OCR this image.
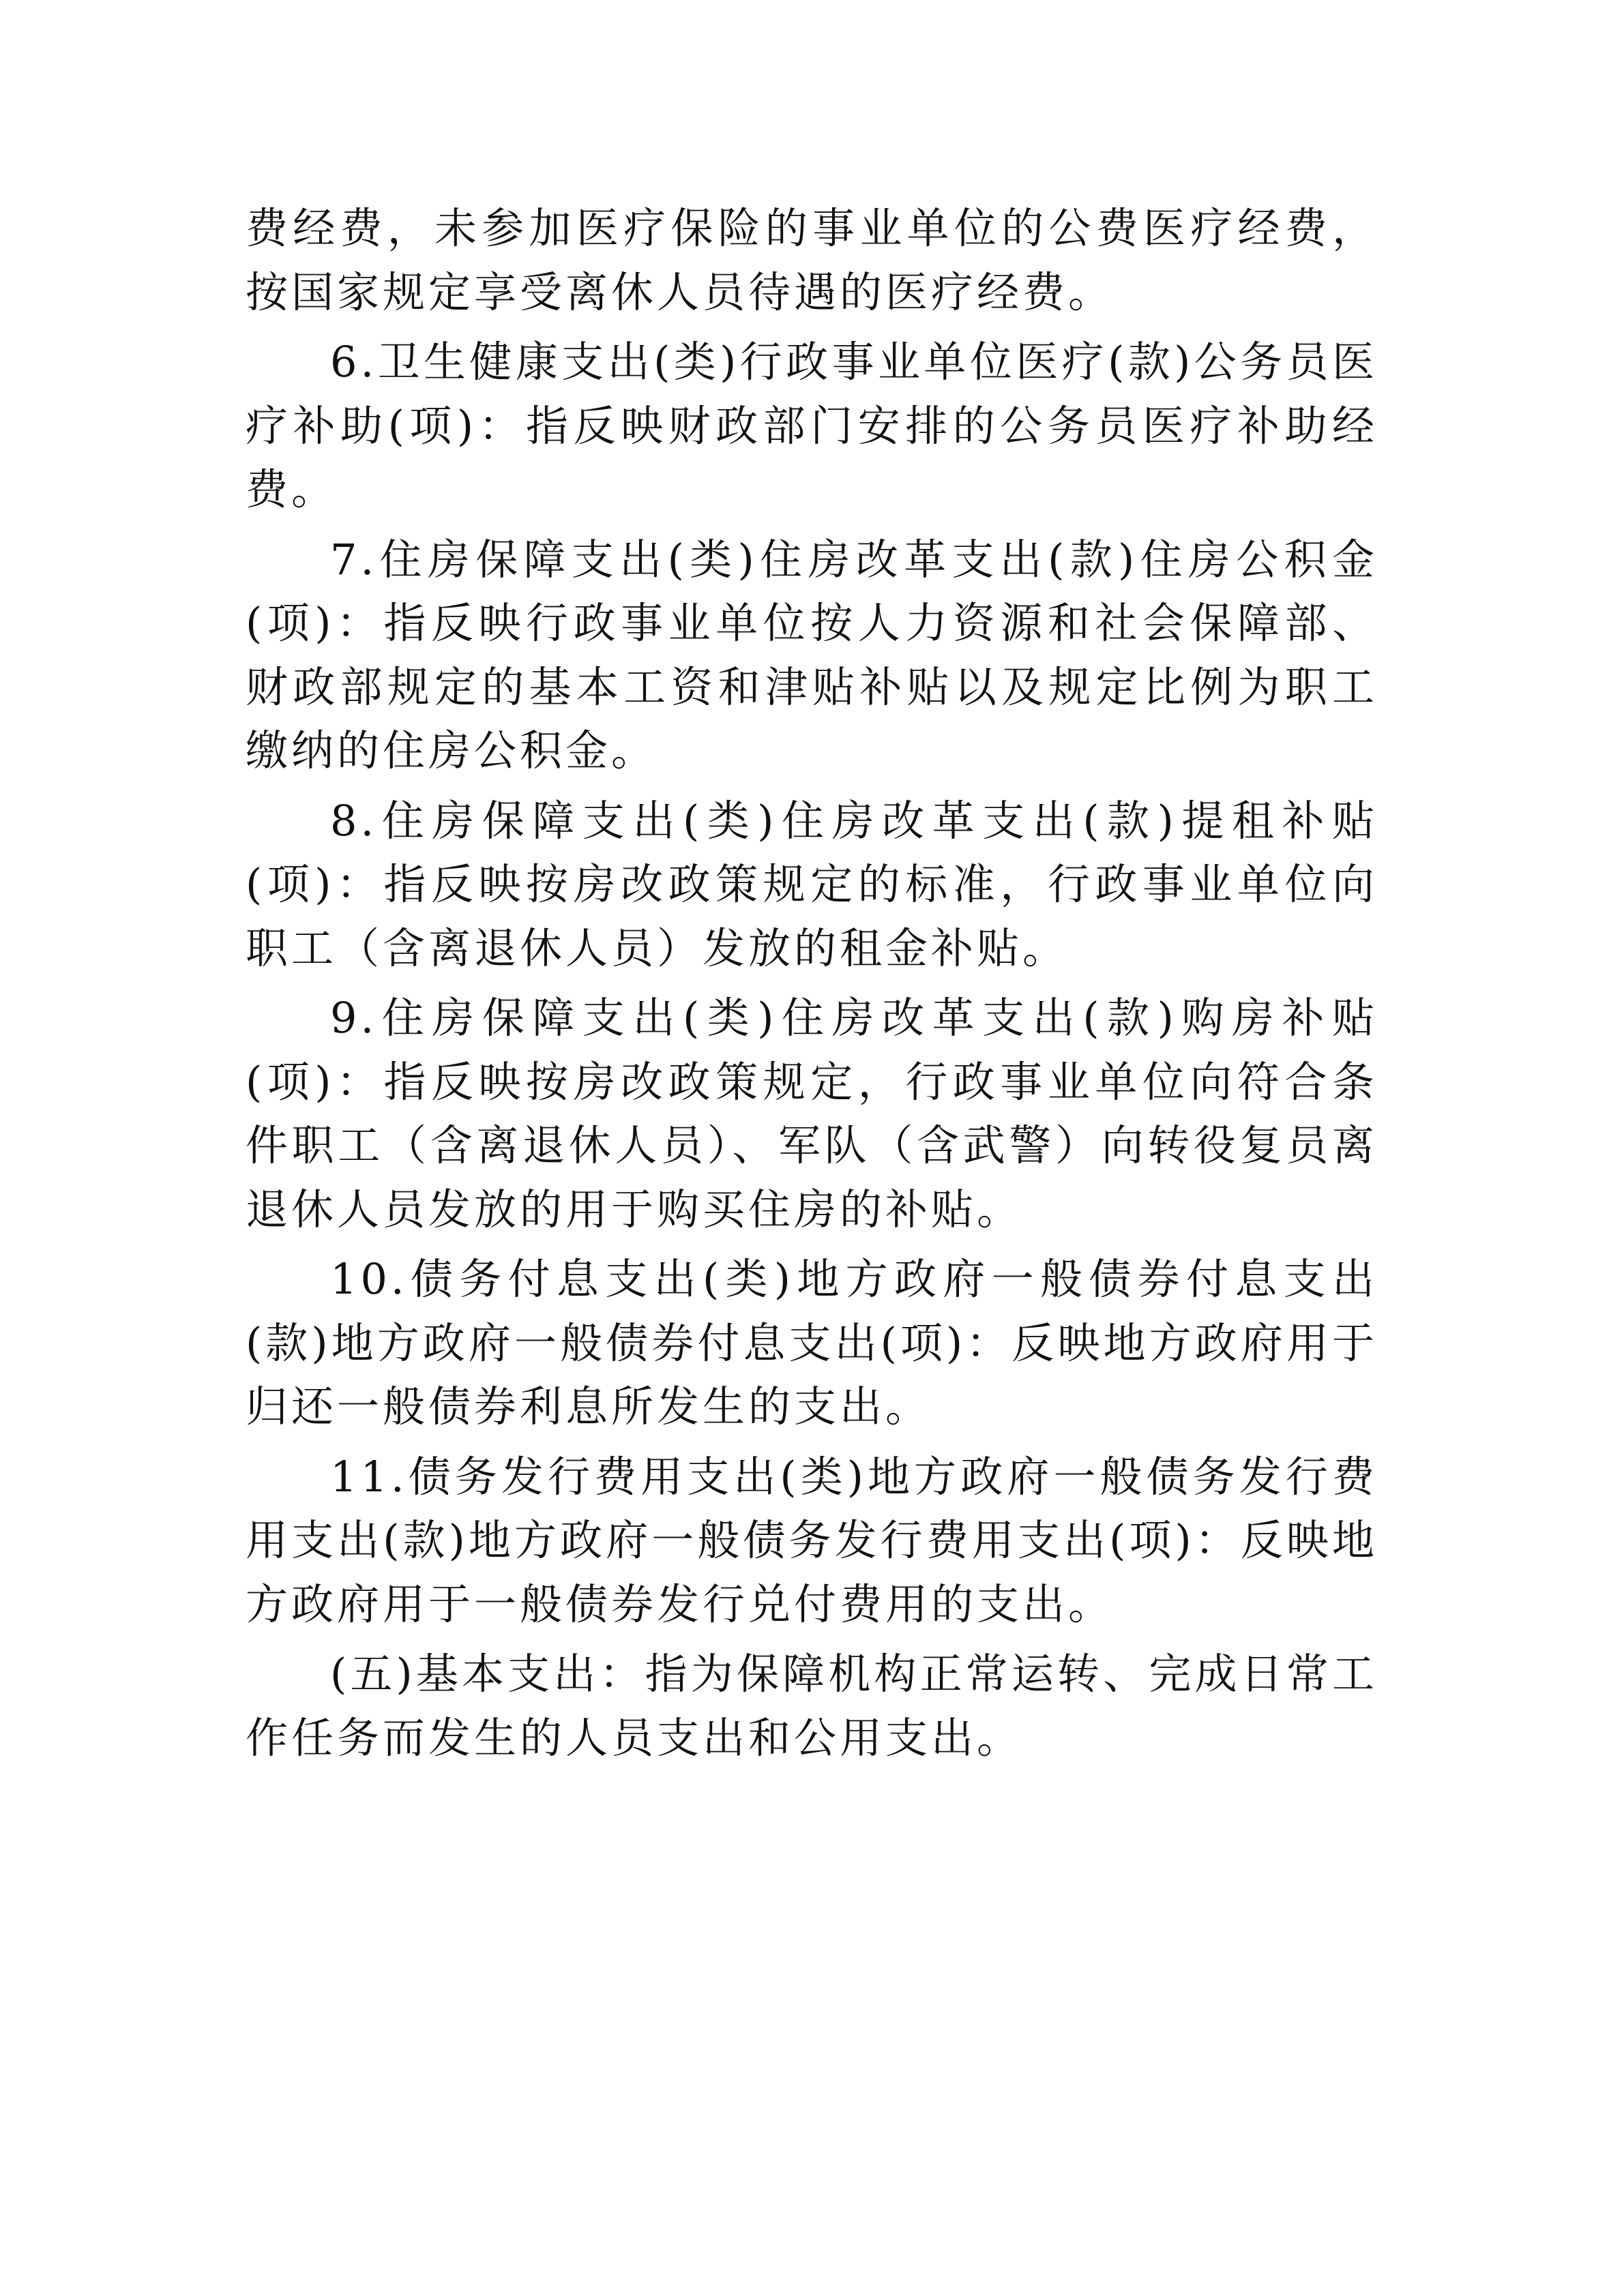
费经费，未参加医疗保险的事业单位的公费医疗经费，按国家规定享受离休人员待遇的医疗经费。

6.卫生健康支出(类)行政事业单位医疗(款)公务员医疗补助(项)：指反映财政部门安排的公务员医疗补助经费。

7.住房保障支出(类)住房改革支出(款)住房公积金(项)：指反映行政事业单位按人力资源和社会保障部、财政部规定的基本工资和津贴补贴以及规定比例为职工缴纳的住房公积金。

8.住房保障支出(类)住房改革支出(款)提租补贴(项)：指反映按房改政策规定的标准，行政事业单位向职工（含离退休人员）发放的租金补贴。

9.住房保障支出(类)住房改革支出(款)购房补贴(项)：指反映按房改政策规定，行政事业单位向符合条件职工（含离退休人员）、军队（含武警）向转役复员离退休人员发放的用于购买住房的补贴。

10.债务付息支出(类)地方政府一般债券付息支出(款)地方政府一般债券付息支出(项)：反映地方政府用于归还一般债券利息所发生的支出。

11.债务发行费用支出(类)地方政府一般债务发行费用支出(款)地方政府一般债务发行费用支出(项)：反映地方政府用于一般债券发行兑付费用的支出。

(五)基本支出：指为保障机构正常运转、完成日常工作任务而发生的人员支出和公用支出。
